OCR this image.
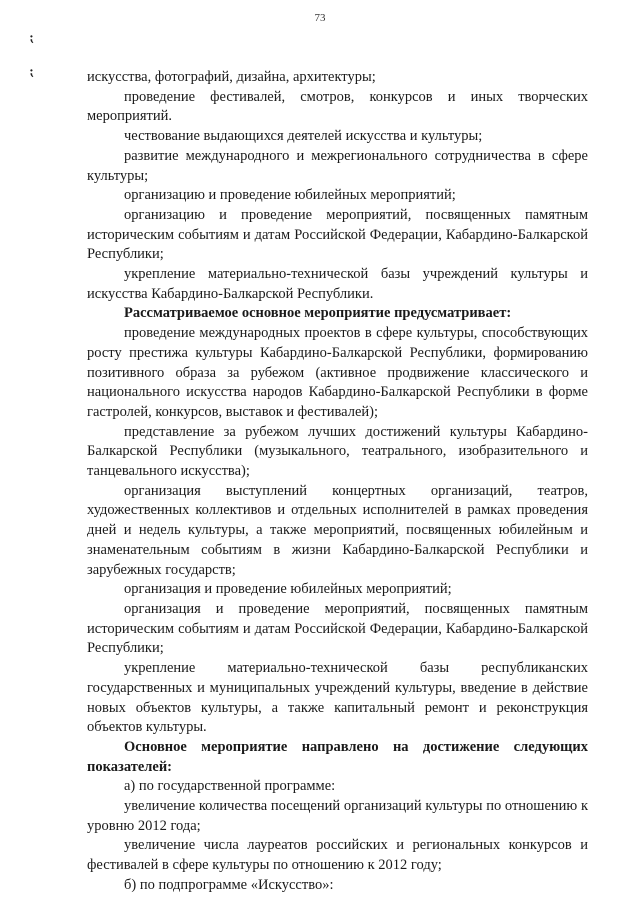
73
⁏
⁏	искусства, фотографий, дизайна, архитектуры;

проведение фестивалей, смотров, конкурсов и иных творческих мероприятий.

чествование выдающихся деятелей искусства и культуры;

развитие международного и межрегионального сотрудничества в сфере культуры;

организацию и проведение юбилейных мероприятий;

организацию и проведение мероприятий, посвященных памятным историческим событиям и датам Российской Федерации, Кабардино-Балкарской Республики;

укрепление материально-технической базы учреждений культуры и искусства Кабардино-Балкарской Республики.

Рассматриваемое основное мероприятие предусматривает:

проведение международных проектов в сфере культуры, способствующих росту престижа культуры Кабардино-Балкарской Республики, формированию позитивного образа за рубежом (активное продвижение классического и национального искусства народов Кабардино-Балкарской Республики в форме гастролей, конкурсов, выставок и фестивалей);

представление за рубежом лучших достижений культуры Кабардино-Балкарской Республики (музыкального, театрального, изобразительного и танцевального искусства);

организация выступлений концертных организаций, театров, художественных коллективов и отдельных исполнителей в рамках проведения дней и недель культуры, а также мероприятий, посвященных юбилейным и знаменательным событиям в жизни Кабардино-Балкарской Республики и зарубежных государств;

организация и проведение юбилейных мероприятий;

организация и проведение мероприятий, посвященных памятным историческим событиям и датам Российской Федерации, Кабардино-Балкарской Республики;

укрепление материально-технической базы республиканских государственных и муниципальных учреждений культуры, введение в действие новых объектов культуры, а также капитальный ремонт и реконструкция объектов культуры.

Основное мероприятие направлено на достижение следующих показателей:

а) по государственной программе:

увеличение количества посещений организаций культуры по отношению к уровню 2012 года;

увеличение числа лауреатов российских и региональных конкурсов и фестивалей в сфере культуры по отношению к 2012 году;

б) по подпрограмме «Искусство»:
